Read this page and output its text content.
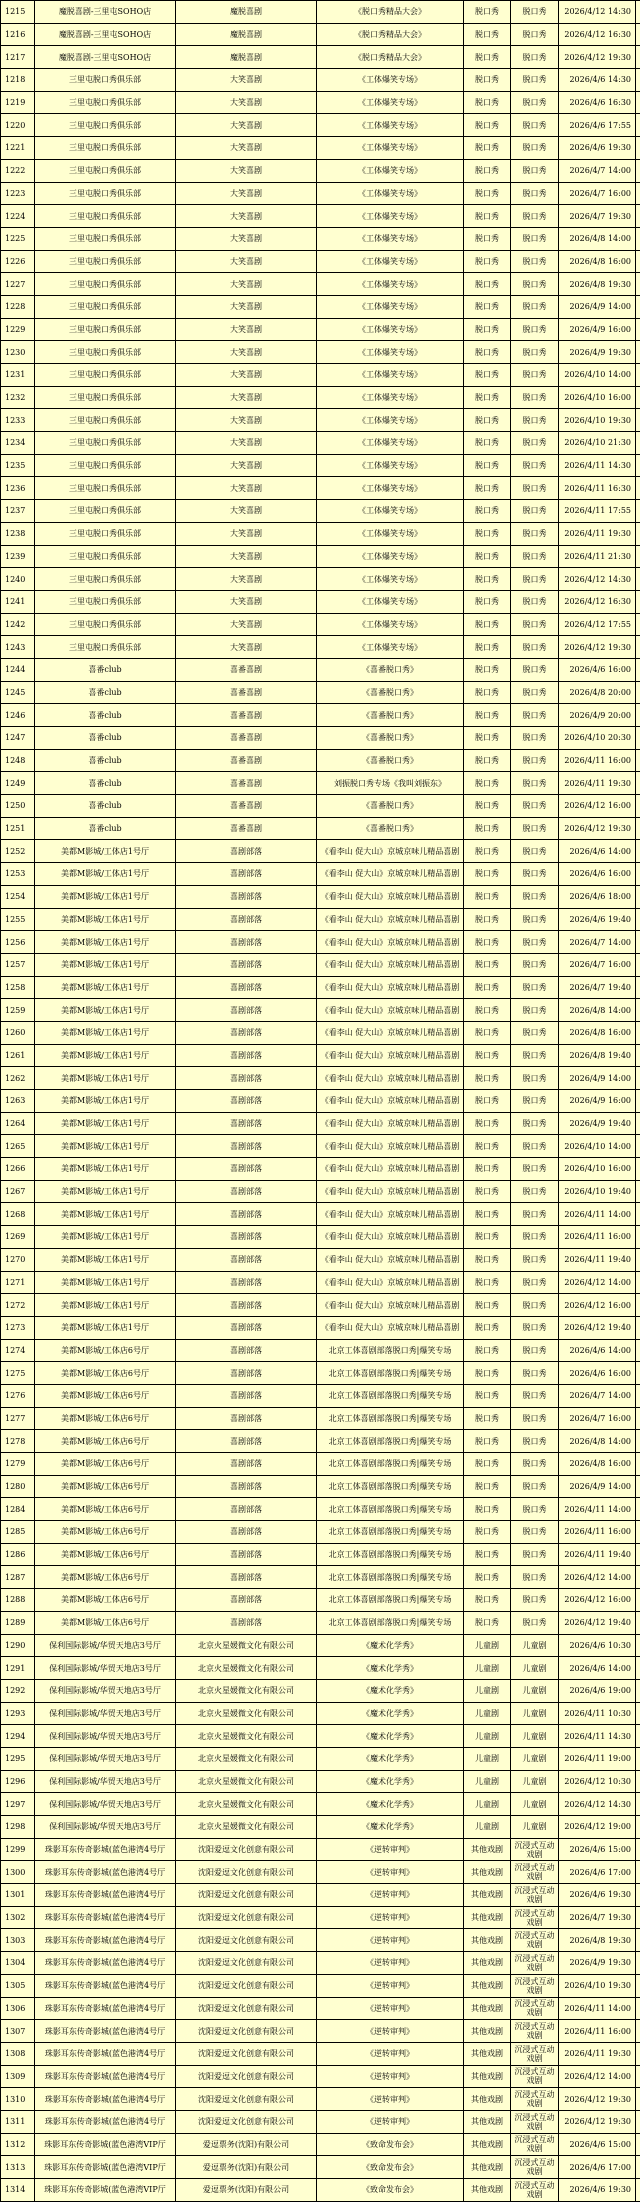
1215	魔脱喜剧-三里屯SOHO店	魔脱喜剧	《脱口秀精品大会》	脱口秀	脱口秀	2026/4/12 14:30	
1216	魔脱喜剧-三里屯SOHO店	魔脱喜剧	《脱口秀精品大会》	脱口秀	脱口秀	2026/4/12 16:30	
1217	魔脱喜剧-三里屯SOHO店	魔脱喜剧	《脱口秀精品大会》	脱口秀	脱口秀	2026/4/12 19:30	
1218	三里屯脱口秀俱乐部	大笑喜剧	《工体爆笑专场》	脱口秀	脱口秀	2026/4/6 14:30	
1219	三里屯脱口秀俱乐部	大笑喜剧	《工体爆笑专场》	脱口秀	脱口秀	2026/4/6 16:30	
1220	三里屯脱口秀俱乐部	大笑喜剧	《工体爆笑专场》	脱口秀	脱口秀	2026/4/6 17:55	
1221	三里屯脱口秀俱乐部	大笑喜剧	《工体爆笑专场》	脱口秀	脱口秀	2026/4/6 19:30	
1222	三里屯脱口秀俱乐部	大笑喜剧	《工体爆笑专场》	脱口秀	脱口秀	2026/4/7 14:00	
1223	三里屯脱口秀俱乐部	大笑喜剧	《工体爆笑专场》	脱口秀	脱口秀	2026/4/7 16:00	
1224	三里屯脱口秀俱乐部	大笑喜剧	《工体爆笑专场》	脱口秀	脱口秀	2026/4/7 19:30	
1225	三里屯脱口秀俱乐部	大笑喜剧	《工体爆笑专场》	脱口秀	脱口秀	2026/4/8 14:00	
1226	三里屯脱口秀俱乐部	大笑喜剧	《工体爆笑专场》	脱口秀	脱口秀	2026/4/8 16:00	
1227	三里屯脱口秀俱乐部	大笑喜剧	《工体爆笑专场》	脱口秀	脱口秀	2026/4/8 19:30	
1228	三里屯脱口秀俱乐部	大笑喜剧	《工体爆笑专场》	脱口秀	脱口秀	2026/4/9 14:00	
1229	三里屯脱口秀俱乐部	大笑喜剧	《工体爆笑专场》	脱口秀	脱口秀	2026/4/9 16:00	
1230	三里屯脱口秀俱乐部	大笑喜剧	《工体爆笑专场》	脱口秀	脱口秀	2026/4/9 19:30	
1231	三里屯脱口秀俱乐部	大笑喜剧	《工体爆笑专场》	脱口秀	脱口秀	2026/4/10 14:00	
1232	三里屯脱口秀俱乐部	大笑喜剧	《工体爆笑专场》	脱口秀	脱口秀	2026/4/10 16:00	
1233	三里屯脱口秀俱乐部	大笑喜剧	《工体爆笑专场》	脱口秀	脱口秀	2026/4/10 19:30	
1234	三里屯脱口秀俱乐部	大笑喜剧	《工体爆笑专场》	脱口秀	脱口秀	2026/4/10 21:30	
1235	三里屯脱口秀俱乐部	大笑喜剧	《工体爆笑专场》	脱口秀	脱口秀	2026/4/11 14:30	
1236	三里屯脱口秀俱乐部	大笑喜剧	《工体爆笑专场》	脱口秀	脱口秀	2026/4/11 16:30	
1237	三里屯脱口秀俱乐部	大笑喜剧	《工体爆笑专场》	脱口秀	脱口秀	2026/4/11 17:55	
1238	三里屯脱口秀俱乐部	大笑喜剧	《工体爆笑专场》	脱口秀	脱口秀	2026/4/11 19:30	
1239	三里屯脱口秀俱乐部	大笑喜剧	《工体爆笑专场》	脱口秀	脱口秀	2026/4/11 21:30	
1240	三里屯脱口秀俱乐部	大笑喜剧	《工体爆笑专场》	脱口秀	脱口秀	2026/4/12 14:30	
1241	三里屯脱口秀俱乐部	大笑喜剧	《工体爆笑专场》	脱口秀	脱口秀	2026/4/12 16:30	
1242	三里屯脱口秀俱乐部	大笑喜剧	《工体爆笑专场》	脱口秀	脱口秀	2026/4/12 17:55	
1243	三里屯脱口秀俱乐部	大笑喜剧	《工体爆笑专场》	脱口秀	脱口秀	2026/4/12 19:30	
1244	喜番club	喜番喜剧	《喜番脱口秀》	脱口秀	脱口秀	2026/4/6 16:00	
1245	喜番club	喜番喜剧	《喜番脱口秀》	脱口秀	脱口秀	2026/4/8 20:00	
1246	喜番club	喜番喜剧	《喜番脱口秀》	脱口秀	脱口秀	2026/4/9 20:00	
1247	喜番club	喜番喜剧	《喜番脱口秀》	脱口秀	脱口秀	2026/4/10 20:30	
1248	喜番club	喜番喜剧	《喜番脱口秀》	脱口秀	脱口秀	2026/4/11 16:00	
1249	喜番club	喜番喜剧	刘振脱口秀专场《我叫刘振东》	脱口秀	脱口秀	2026/4/11 19:30	
1250	喜番club	喜番喜剧	《喜番脱口秀》	脱口秀	脱口秀	2026/4/12 16:00	
1251	喜番club	喜番喜剧	《喜番脱口秀》	脱口秀	脱口秀	2026/4/12 19:30	
1252	美都M影城/工体店1号厅	喜剧部落	《看李山 促大山》京城京味儿精品喜剧	脱口秀	脱口秀	2026/4/6 14:00	
1253	美都M影城/工体店1号厅	喜剧部落	《看李山 促大山》京城京味儿精品喜剧	脱口秀	脱口秀	2026/4/6 16:00	
1254	美都M影城/工体店1号厅	喜剧部落	《看李山 促大山》京城京味儿精品喜剧	脱口秀	脱口秀	2026/4/6 18:00	
1255	美都M影城/工体店1号厅	喜剧部落	《看李山 促大山》京城京味儿精品喜剧	脱口秀	脱口秀	2026/4/6 19:40	
1256	美都M影城/工体店1号厅	喜剧部落	《看李山 促大山》京城京味儿精品喜剧	脱口秀	脱口秀	2026/4/7 14:00	
1257	美都M影城/工体店1号厅	喜剧部落	《看李山 促大山》京城京味儿精品喜剧	脱口秀	脱口秀	2026/4/7 16:00	
1258	美都M影城/工体店1号厅	喜剧部落	《看李山 促大山》京城京味儿精品喜剧	脱口秀	脱口秀	2026/4/7 19:40	
1259	美都M影城/工体店1号厅	喜剧部落	《看李山 促大山》京城京味儿精品喜剧	脱口秀	脱口秀	2026/4/8 14:00	
1260	美都M影城/工体店1号厅	喜剧部落	《看李山 促大山》京城京味儿精品喜剧	脱口秀	脱口秀	2026/4/8 16:00	
1261	美都M影城/工体店1号厅	喜剧部落	《看李山 促大山》京城京味儿精品喜剧	脱口秀	脱口秀	2026/4/8 19:40	
1262	美都M影城/工体店1号厅	喜剧部落	《看李山 促大山》京城京味儿精品喜剧	脱口秀	脱口秀	2026/4/9 14:00	
1263	美都M影城/工体店1号厅	喜剧部落	《看李山 促大山》京城京味儿精品喜剧	脱口秀	脱口秀	2026/4/9 16:00	
1264	美都M影城/工体店1号厅	喜剧部落	《看李山 促大山》京城京味儿精品喜剧	脱口秀	脱口秀	2026/4/9 19:40	
1265	美都M影城/工体店1号厅	喜剧部落	《看李山 促大山》京城京味儿精品喜剧	脱口秀	脱口秀	2026/4/10 14:00	
1266	美都M影城/工体店1号厅	喜剧部落	《看李山 促大山》京城京味儿精品喜剧	脱口秀	脱口秀	2026/4/10 16:00	
1267	美都M影城/工体店1号厅	喜剧部落	《看李山 促大山》京城京味儿精品喜剧	脱口秀	脱口秀	2026/4/10 19:40	
1268	美都M影城/工体店1号厅	喜剧部落	《看李山 促大山》京城京味儿精品喜剧	脱口秀	脱口秀	2026/4/11 14:00	
1269	美都M影城/工体店1号厅	喜剧部落	《看李山 促大山》京城京味儿精品喜剧	脱口秀	脱口秀	2026/4/11 16:00	
1270	美都M影城/工体店1号厅	喜剧部落	《看李山 促大山》京城京味儿精品喜剧	脱口秀	脱口秀	2026/4/11 19:40	
1271	美都M影城/工体店1号厅	喜剧部落	《看李山 促大山》京城京味儿精品喜剧	脱口秀	脱口秀	2026/4/12 14:00	
1272	美都M影城/工体店1号厅	喜剧部落	《看李山 促大山》京城京味儿精品喜剧	脱口秀	脱口秀	2026/4/12 16:00	
1273	美都M影城/工体店1号厅	喜剧部落	《看李山 促大山》京城京味儿精品喜剧	脱口秀	脱口秀	2026/4/12 19:40	
1274	美都M影城/工体店6号厅	喜剧部落	北京工体喜剧部落脱口秀|爆笑专场	脱口秀	脱口秀	2026/4/6 14:00	
1275	美都M影城/工体店6号厅	喜剧部落	北京工体喜剧部落脱口秀|爆笑专场	脱口秀	脱口秀	2026/4/6 16:00	
1276	美都M影城/工体店6号厅	喜剧部落	北京工体喜剧部落脱口秀|爆笑专场	脱口秀	脱口秀	2026/4/7 14:00	
1277	美都M影城/工体店6号厅	喜剧部落	北京工体喜剧部落脱口秀|爆笑专场	脱口秀	脱口秀	2026/4/7 16:00	
1278	美都M影城/工体店6号厅	喜剧部落	北京工体喜剧部落脱口秀|爆笑专场	脱口秀	脱口秀	2026/4/8 14:00	
1279	美都M影城/工体店6号厅	喜剧部落	北京工体喜剧部落脱口秀|爆笑专场	脱口秀	脱口秀	2026/4/8 16:00	
1280	美都M影城/工体店6号厅	喜剧部落	北京工体喜剧部落脱口秀|爆笑专场	脱口秀	脱口秀	2026/4/9 14:00	
1284	美都M影城/工体店6号厅	喜剧部落	北京工体喜剧部落脱口秀|爆笑专场	脱口秀	脱口秀	2026/4/11 14:00	
1285	美都M影城/工体店6号厅	喜剧部落	北京工体喜剧部落脱口秀|爆笑专场	脱口秀	脱口秀	2026/4/11 16:00	
1286	美都M影城/工体店6号厅	喜剧部落	北京工体喜剧部落脱口秀|爆笑专场	脱口秀	脱口秀	2026/4/11 19:40	
1287	美都M影城/工体店6号厅	喜剧部落	北京工体喜剧部落脱口秀|爆笑专场	脱口秀	脱口秀	2026/4/12 14:00	
1288	美都M影城/工体店6号厅	喜剧部落	北京工体喜剧部落脱口秀|爆笑专场	脱口秀	脱口秀	2026/4/12 16:00	
1289	美都M影城/工体店6号厅	喜剧部落	北京工体喜剧部落脱口秀|爆笑专场	脱口秀	脱口秀	2026/4/12 19:40	
1290	保利国际影城/华贸天地店3号厅	北京火星媛微文化有限公司	《魔术化学秀》	儿童剧	儿童剧	2026/4/6 10:30	
1291	保利国际影城/华贸天地店3号厅	北京火星媛微文化有限公司	《魔术化学秀》	儿童剧	儿童剧	2026/4/6 14:00	
1292	保利国际影城/华贸天地店3号厅	北京火星媛微文化有限公司	《魔术化学秀》	儿童剧	儿童剧	2026/4/6 19:00	
1293	保利国际影城/华贸天地店3号厅	北京火星媛微文化有限公司	《魔术化学秀》	儿童剧	儿童剧	2026/4/11 10:30	
1294	保利国际影城/华贸天地店3号厅	北京火星媛微文化有限公司	《魔术化学秀》	儿童剧	儿童剧	2026/4/11 14:30	
1295	保利国际影城/华贸天地店3号厅	北京火星媛微文化有限公司	《魔术化学秀》	儿童剧	儿童剧	2026/4/11 19:00	
1296	保利国际影城/华贸天地店3号厅	北京火星媛微文化有限公司	《魔术化学秀》	儿童剧	儿童剧	2026/4/12 10:30	
1297	保利国际影城/华贸天地店3号厅	北京火星媛微文化有限公司	《魔术化学秀》	儿童剧	儿童剧	2026/4/12 14:30	
1298	保利国际影城/华贸天地店3号厅	北京火星媛微文化有限公司	《魔术化学秀》	儿童剧	儿童剧	2026/4/12 19:00	
1299	珠影耳东传奇影城(蓝色港湾4号厅	沈阳爱逗文化创意有限公司	《逆转审判》	其他戏剧	沉浸式互动戏剧	2026/4/6 15:00	
1300	珠影耳东传奇影城(蓝色港湾4号厅	沈阳爱逗文化创意有限公司	《逆转审判》	其他戏剧	沉浸式互动戏剧	2026/4/6 17:00	
1301	珠影耳东传奇影城(蓝色港湾4号厅	沈阳爱逗文化创意有限公司	《逆转审判》	其他戏剧	沉浸式互动戏剧	2026/4/6 19:30	
1302	珠影耳东传奇影城(蓝色港湾4号厅	沈阳爱逗文化创意有限公司	《逆转审判》	其他戏剧	沉浸式互动戏剧	2026/4/7 19:30	
1303	珠影耳东传奇影城(蓝色港湾4号厅	沈阳爱逗文化创意有限公司	《逆转审判》	其他戏剧	沉浸式互动戏剧	2026/4/8 19:30	
1304	珠影耳东传奇影城(蓝色港湾4号厅	沈阳爱逗文化创意有限公司	《逆转审判》	其他戏剧	沉浸式互动戏剧	2026/4/9 19:30	
1305	珠影耳东传奇影城(蓝色港湾4号厅	沈阳爱逗文化创意有限公司	《逆转审判》	其他戏剧	沉浸式互动戏剧	2026/4/10 19:30	
1306	珠影耳东传奇影城(蓝色港湾4号厅	沈阳爱逗文化创意有限公司	《逆转审判》	其他戏剧	沉浸式互动戏剧	2026/4/11 14:00	
1307	珠影耳东传奇影城(蓝色港湾4号厅	沈阳爱逗文化创意有限公司	《逆转审判》	其他戏剧	沉浸式互动戏剧	2026/4/11 16:00	
1308	珠影耳东传奇影城(蓝色港湾4号厅	沈阳爱逗文化创意有限公司	《逆转审判》	其他戏剧	沉浸式互动戏剧	2026/4/11 19:30	
1309	珠影耳东传奇影城(蓝色港湾4号厅	沈阳爱逗文化创意有限公司	《逆转审判》	其他戏剧	沉浸式互动戏剧	2026/4/12 14:00	
1310	珠影耳东传奇影城(蓝色港湾4号厅	沈阳爱逗文化创意有限公司	《逆转审判》	其他戏剧	沉浸式互动戏剧	2026/4/12 19:30	
1311	珠影耳东传奇影城(蓝色港湾4号厅	沈阳爱逗文化创意有限公司	《逆转审判》	其他戏剧	沉浸式互动戏剧	2026/4/12 19:30	
1312	珠影耳东传奇影城(蓝色港湾VIP厅	爱逗票务(沈阳)有限公司	《致命发布会》	其他戏剧	沉浸式互动戏剧	2026/4/6 15:00	
1313	珠影耳东传奇影城(蓝色港湾VIP厅	爱逗票务(沈阳)有限公司	《致命发布会》	其他戏剧	沉浸式互动戏剧	2026/4/6 17:00	
1314	珠影耳东传奇影城(蓝色港湾VIP厅	爱逗票务(沈阳)有限公司	《致命发布会》	其他戏剧	沉浸式互动戏剧	2026/4/6 19:30	
